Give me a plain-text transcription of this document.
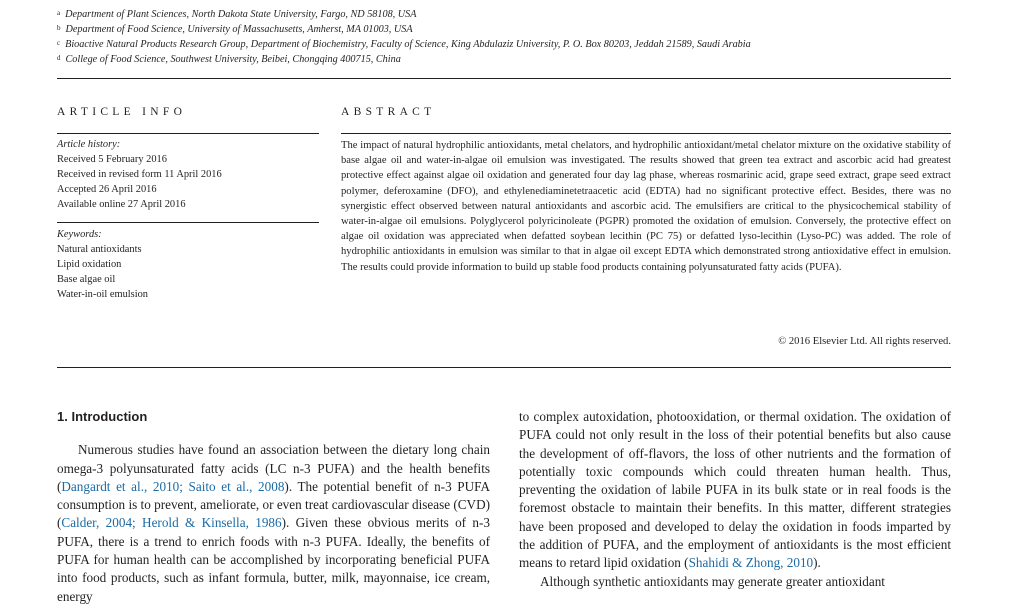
$^a$ Department of Plant Sciences, North Dakota State University, Fargo, ND 58108, USA
$^b$ Department of Food Science, University of Massachusetts, Amherst, MA 01003, USA
$^c$ Bioactive Natural Products Research Group, Department of Biochemistry, Faculty of Science, King Abdulaziz University, P. O. Box 80203, Jeddah 21589, Saudi Arabia
$^d$ College of Food Science, Southwest University, Beibei, Chongqing 400715, China
ARTICLE INFO	ABSTRACT
Article history:
Received 5 February 2016
Received in revised form 11 April 2016
Accepted 26 April 2016
Available online 27 April 2016
Keywords:
Natural antioxidants
Lipid oxidation
Base algae oil
Water-in-oil emulsion
The impact of natural hydrophilic antioxidants, metal chelators, and hydrophilic antioxidant/metal chelator mixture on the oxidative stability of base algae oil and water-in-algae oil emulsion was investigated. The results showed that green tea extract and ascorbic acid had greatest protective effect against algae oil oxidation and generated four day lag phase, whereas rosmarinic acid, grape seed extract, grape seed extract polymer, deferoxamine (DFO), and ethylenediaminetetraacetic acid (EDTA) had no significant protective effect. Besides, there was no synergistic effect observed between natural antioxidants and ascorbic acid. The emulsifiers are critical to the physicochemical stability of water-in-algae oil emulsions. Polyglycerol polyricinoleate (PGPR) promoted the oxidation of emulsion. Conversely, the protective effect on algae oil oxidation was appreciated when defatted soybean lecithin (PC 75) or defatted lyso-lecithin (Lyso-PC) was added. The role of hydrophilic antioxidants in emulsion was similar to that in algae oil except EDTA which demonstrated strong antioxidative effect in emulsion. The results could provide information to build up stable food products containing polyunsaturated fatty acids (PUFA).
© 2016 Elsevier Ltd. All rights reserved.
1. Introduction

Numerous studies have found an association between the dietary long chain omega-3 polyunsaturated fatty acids (LC n-3 PUFA) and the health benefits (Dangardt et al., 2010; Saito et al., 2008). The potential benefit of n-3 PUFA consumption is to prevent, ameliorate, or even treat cardiovascular disease (CVD) (Calder, 2004; Herold & Kinsella, 1986). Given these obvious merits of n-3 PUFA, there is a trend to enrich foods with n-3 PUFA. Ideally, the benefits of PUFA for human health can be accomplished by incorporating beneficial PUFA into food products, such as infant formula, butter, milk, mayonnaise, ice cream, energy

to complex autoxidation, photooxidation, or thermal oxidation. The oxidation of PUFA could not only result in the loss of their potential benefits but also cause the development of off-flavors, the loss of other nutrients and the formation of potentially toxic compounds which could threaten human health. Thus, preventing the oxidation of labile PUFA in its bulk state or in real foods is the foremost obstacle to maintain their benefits. In this matter, different strategies have been proposed and developed to delay the oxidation in foods imparted by the addition of PUFA, and the employment of antioxidants is the most efficient means to retard lipid oxidation (Shahidi & Zhong, 2010).

Although synthetic antioxidants may generate greater antioxidant
